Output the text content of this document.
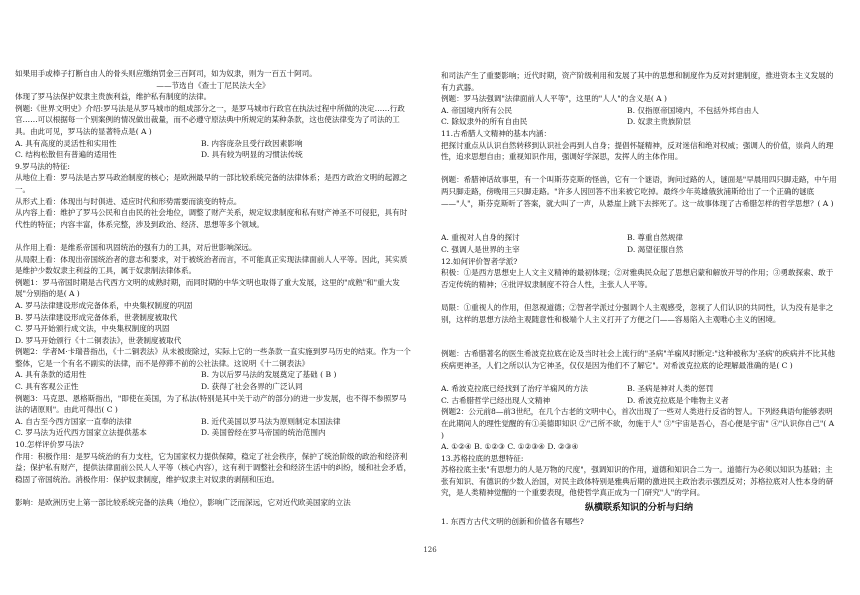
如果用手或棒子打断自由人的骨头则应缴纳罚金三百阿司，如为奴隶，则为一百五十阿司。
——节选自《查士丁尼民法大全》
体现了罗马法保护奴隶主贵族利益，维护私有制度的法律。
例题:《世界文明史》介绍:罗马法是从罗马城市的组成部分之一，是罗马城市行政官在执法过程中所做的决定……行政官……可以根据每一个别案例的情况做出裁量，而不必遵守原法典中所规定的某种条款，这也使法律变为了司法的工具。由此可见，罗马法的显著特点是( A )
A. 具有高度的灵活性和实用性	B. 内容庞杂且受行政因素影响
C. 结构松散但有普遍的适用性	D. 具有较为明显的习惯法传统
9.罗马法的特征:
从地位上看：罗马法是古罗马政治制度的核心；是欧洲最早的一部比较系统完备的法律体系；是西方政治文明的起源之一。
从形式上看：体现出与时俱进、适应时代和形势需要而演变的特点。
从内容上看：维护了罗马公民和自由民的社会地位，调整了财产关系，规定奴隶制度和私有财产神圣不可侵犯，具有时代性的特征；内容丰富，体系完整，涉及到政治、经济、思想等多个领域。
从作用上看：是维系帝国和巩固统治的强有力的工具，对后世影响深远。
从局限上看：体现出帝国统治者的意志和要求，对于被统治者而言，不可能真正实现法律面前人人平等。因此，其实质是维护少数奴隶主利益的工具，属于奴隶制法律体系。
例题1：罗马帝国时期是古代西方文明的成熟时期，而同时期的中华文明也取得了重大发展，这里的"成熟"和"重大发展"分别指的是( A )
A. 罗马法律建设形成完备体系，中央集权制度的巩固
B. 罗马法律建设形成完备体系，世袭制度被取代
C. 罗马开始颁行成文法，中央集权制度的巩固
D. 罗马开始颁行《十二铜表法》，世袭制度被取代
例题2：学者M·卡瑞普指出，《十二铜表法》从未被废除过，实际上它的一些条款一直实施到罗马历史的结束。作为一个整体，它是一个有名不副实的法律，而不是停滞不前的公社法律。这说明《十二铜表法》
A. 具有条款的适用性	B. 为以后罗马法的发展奠定了基础 ( B )
C. 具有客观公正性	D. 获得了社会各界的广泛认同
例题3：马克思、恩格斯指出，"即使在美国，为了私法(特别是其中关于动产的部分)的进一步发展，也不得不参照罗马法的诸原则"。由此可得出( C )
A. 自古至今西方国家一直奉的法律	B. 近代美国以罗马法为原则制定本国法律
C. 罗马法为近代西方国家立法提供基本	D. 美国曾经在罗马帝国的统治范围内
10.怎样评价罗马法?
作用：积极作用：是罗马统治的有力支柱，它为国家权力提供保障，稳定了社会秩序，保护了统治阶级的政治和经济利益；保护私有财产，提供法律面前公民人人平等（核心内容），这有利于调整社会和经济生活中的纠纷，缓和社会矛盾，稳固了帝国统治。消极作用：保护奴隶制度，维护奴隶主对奴隶的剥削和压迫。
影响：是欧洲历史上第一部比较系统完备的法典（地位），影响广泛而深远，它对近代欧美国家的立法
和司法产生了重要影响；近代时期，资产阶级利用和发展了其中的思想和制度作为反对封建制度，推进资本主义发展的有力武器。
例题：罗马法强调"法律面前人人平等"，这里的"人人"的含义是( A )
A. 帝国境内所有公民	B. 仅指原帝国境内，不包括外邦自由人
C. 除奴隶外的所有自由民	D. 奴隶主贵族阶层
11.古希腊人文精神的基本内涵：
把探讨重点从认识自然转移到认识社会再到人自身；提倡怀疑精神，反对迷信和绝对权威；强调人的价值，崇尚人的理性，追求思想自由；重视知识作用，强调好学深思，发挥人的主体作用。
例题：希腊神话故事里，有一个叫斯芬克斯的怪兽，它有一个谜语，询问过路的人，谜面是"早晨用四只脚走路，中午用两只脚走路，傍晚用三只脚走路。"许多人因回答不出来被它吃掉。最终少年英雄俄狄浦斯给出了一个正确的谜底——"人"，斯芬克斯听了答案，就大叫了一声，从悬崖上跳下去摔死了。这一故事体现了古希腊怎样的哲学思想？( A )
A. 重视对人自身的探讨	B. 尊重自然规律
C. 强调人是世界的主宰	D. 渴望征服自然
12.如何评价智者学派?
积极：①是西方思想史上人文主义精神的最初体现；②对雅典民众起了思想启蒙和解放开导的作用；③勇敢探索、敢于否定传统的精神；④批评奴隶制度不符合人性，主张人人平等。
局限：①重视人的作用，但忽视道德；②智者学派过分强调个人主观感受，忽视了人们认识的共同性，认为没有是非之别，这样的思想方法给主观随意性和极端个人主义打开了方便之门——容易陷入主观唯心主义的困境。
例题：古希腊著名的医生希波克拉底在论及当时社会上流行的"圣病"羊痫风时断定:"这种被称为'圣病'的疾病并不比其他疾病更神圣，人们之所以认为它神圣，仅仅是因为他们不了解它"。对希波克拉底的论理解最准确的是( C )
A. 希波克拉底已经找到了治疗羊痫风的方法	B. 圣病是神对人类的惩罚
C. 古希腊哲学已经出现人文精神	D. 希波克拉底是个唯物主义者
例题2：公元前8—前3世纪，在几个古老的文明中心，首次出现了一些对人类进行反省的智人。下列经典语句能够表明在此期间人的理性觉醒的有①美德即知识 ②"己所不欲，勿施于人" ③"宇宙是吾心，吾心便是宇宙" ④"认识你自己"( A )
A. ①②④ B. ①②③ C. ①②③④ D. ②③④
13.苏格拉底的思想特征:
苏格拉底主张"有思想力的人是万物的尺度"，强调知识的作用，道德和知识合二为一。道德行为必须以知识为基础；主张有知识、有德识的少数人治国，对民主政体特别是雅典后期的激进民主政治表示强烈反对；苏格拉底对人性本身的研究，是人类精神觉醒的一个重要表现，他使哲学真正成为一门研究"人"的学问。
纵横联系知识的分析与归纳
1. 东西方古代文明的创新和价值各有哪些?
126
